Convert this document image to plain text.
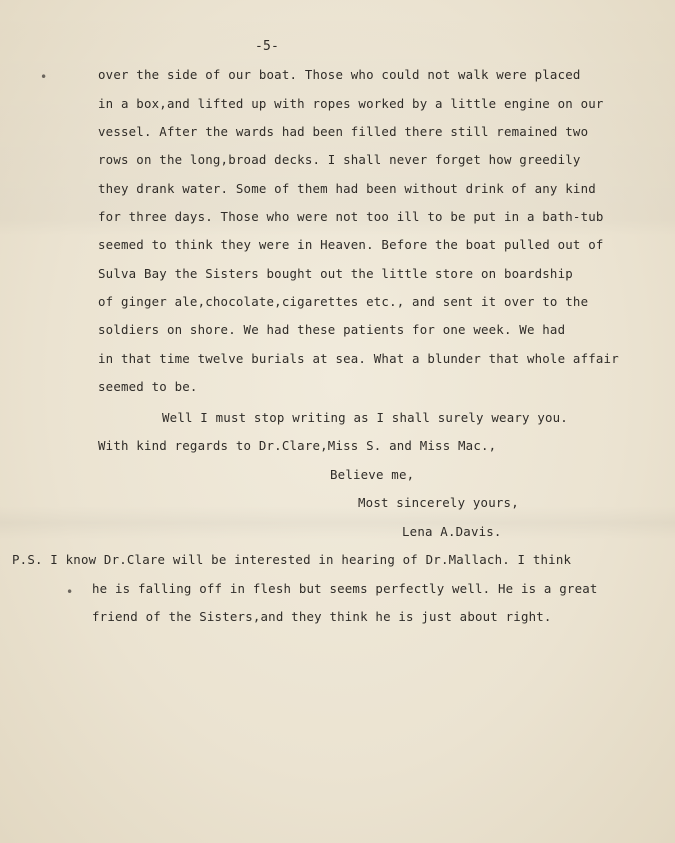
-5-
•	over the side of our boat. Those who could not walk were placed
in a box,and lifted up with ropes worked by a little engine on our
vessel. After the wards had been filled there still remained two
rows on the long,broad decks. I shall never forget how greedily
they drank water. Some of them had been without drink of any kind
for three days. Those who were not too ill to be put in a bath-tub
seemed to think they were in Heaven. Before the boat pulled out of
Sulva Bay the Sisters bought out the little store on boardship
of ginger ale,chocolate,cigarettes etc., and sent it over to the
soldiers on shore. We had these patients for one week. We had
in that time twelve burials at sea. What a blunder that whole affair
seemed to be.
Well I must stop writing as I shall surely weary you.
With kind regards to Dr.Clare,Miss S. and Miss Mac.,
Believe me,
Most sincerely yours,
Lena A.Davis.
P.S. I know Dr.Clare will be interested in hearing of Dr.Mallach. I think
• he is falling off in flesh but seems perfectly well. He is a great
friend of the Sisters,and they think he is just about right.
